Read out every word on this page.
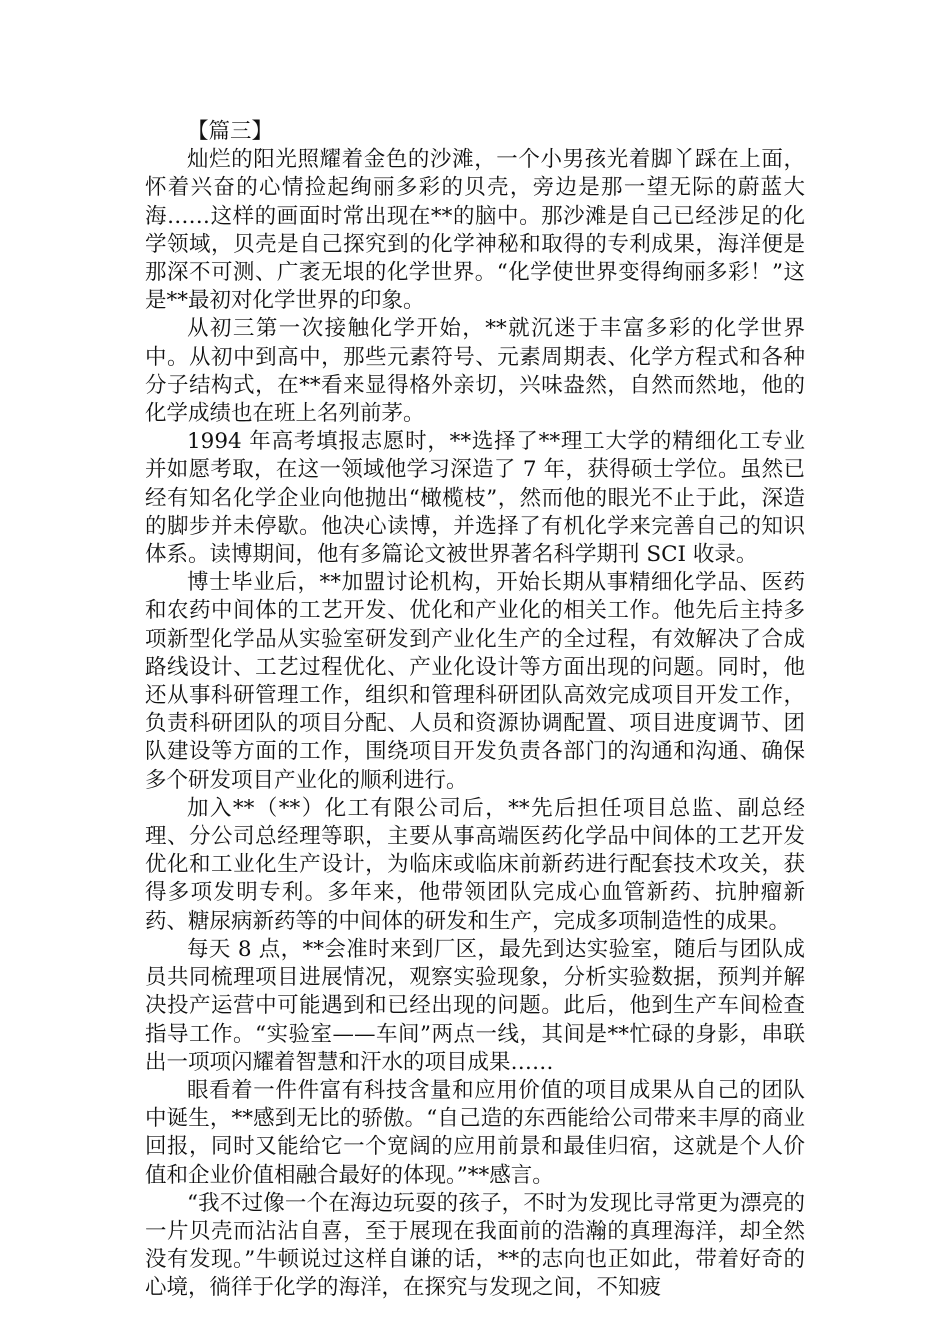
【篇三】

灿烂的阳光照耀着金色的沙滩，一个小男孩光着脚丫踩在上面，怀着兴奋的心情捡起绚丽多彩的贝壳，旁边是那一望无际的蔚蓝大海……这样的画面时常出现在**的脑中。那沙滩是自己已经涉足的化学领域，贝壳是自己探究到的化学神秘和取得的专利成果，海洋便是那深不可测、广袤无垠的化学世界。“化学使世界变得绚丽多彩！”这是**最初对化学世界的印象。

从初三第一次接触化学开始，**就沉迷于丰富多彩的化学世界中。从初中到高中，那些元素符号、元素周期表、化学方程式和各种分子结构式，在**看来显得格外亲切，兴味盎然，自然而然地，他的化学成绩也在班上名列前茅。

1994 年高考填报志愿时，**选择了**理工大学的精细化工专业并如愿考取，在这一领域他学习深造了 7 年，获得硕士学位。虽然已经有知名化学企业向他抛出“橄榄枝”，然而他的眼光不止于此，深造的脚步并未停歇。他决心读博，并选择了有机化学来完善自己的知识体系。读博期间，他有多篇论文被世界著名科学期刊 SCI 收录。

博士毕业后，**加盟讨论机构，开始长期从事精细化学品、医药和农药中间体的工艺开发、优化和产业化的相关工作。他先后主持多项新型化学品从实验室研发到产业化生产的全过程，有效解决了合成路线设计、工艺过程优化、产业化设计等方面出现的问题。同时，他还从事科研管理工作，组织和管理科研团队高效完成项目开发工作，负责科研团队的项目分配、人员和资源协调配置、项目进度调节、团队建设等方面的工作，围绕项目开发负责各部门的沟通和沟通、确保多个研发项目产业化的顺利进行。

加入**（**）化工有限公司后，**先后担任项目总监、副总经理、分公司总经理等职，主要从事高端医药化学品中间体的工艺开发优化和工业化生产设计，为临床或临床前新药进行配套技术攻关，获得多项发明专利。多年来，他带领团队完成心血管新药、抗肿瘤新药、糖尿病新药等的中间体的研发和生产，完成多项制造性的成果。

每天 8 点，**会准时来到厂区，最先到达实验室，随后与团队成员共同梳理项目进展情况，观察实验现象，分析实验数据，预判并解决投产运营中可能遇到和已经出现的问题。此后，他到生产车间检查指导工作。“实验室——车间”两点一线，其间是**忙碌的身影，串联出一项项闪耀着智慧和汗水的项目成果……

眼看着一件件富有科技含量和应用价值的项目成果从自己的团队中诞生，**感到无比的骄傲。“自己造的东西能给公司带来丰厚的商业回报，同时又能给它一个宽阔的应用前景和最佳归宿，这就是个人价值和企业价值相融合最好的体现。”**感言。

“我不过像一个在海边玩耍的孩子，不时为发现比寻常更为漂亮的一片贝壳而沾沾自喜，至于展现在我面前的浩瀚的真理海洋，却全然没有发现。”牛顿说过这样自谦的话，**的志向也正如此，带着好奇的心境，徜徉于化学的海洋，在探究与发现之间，不知疲
